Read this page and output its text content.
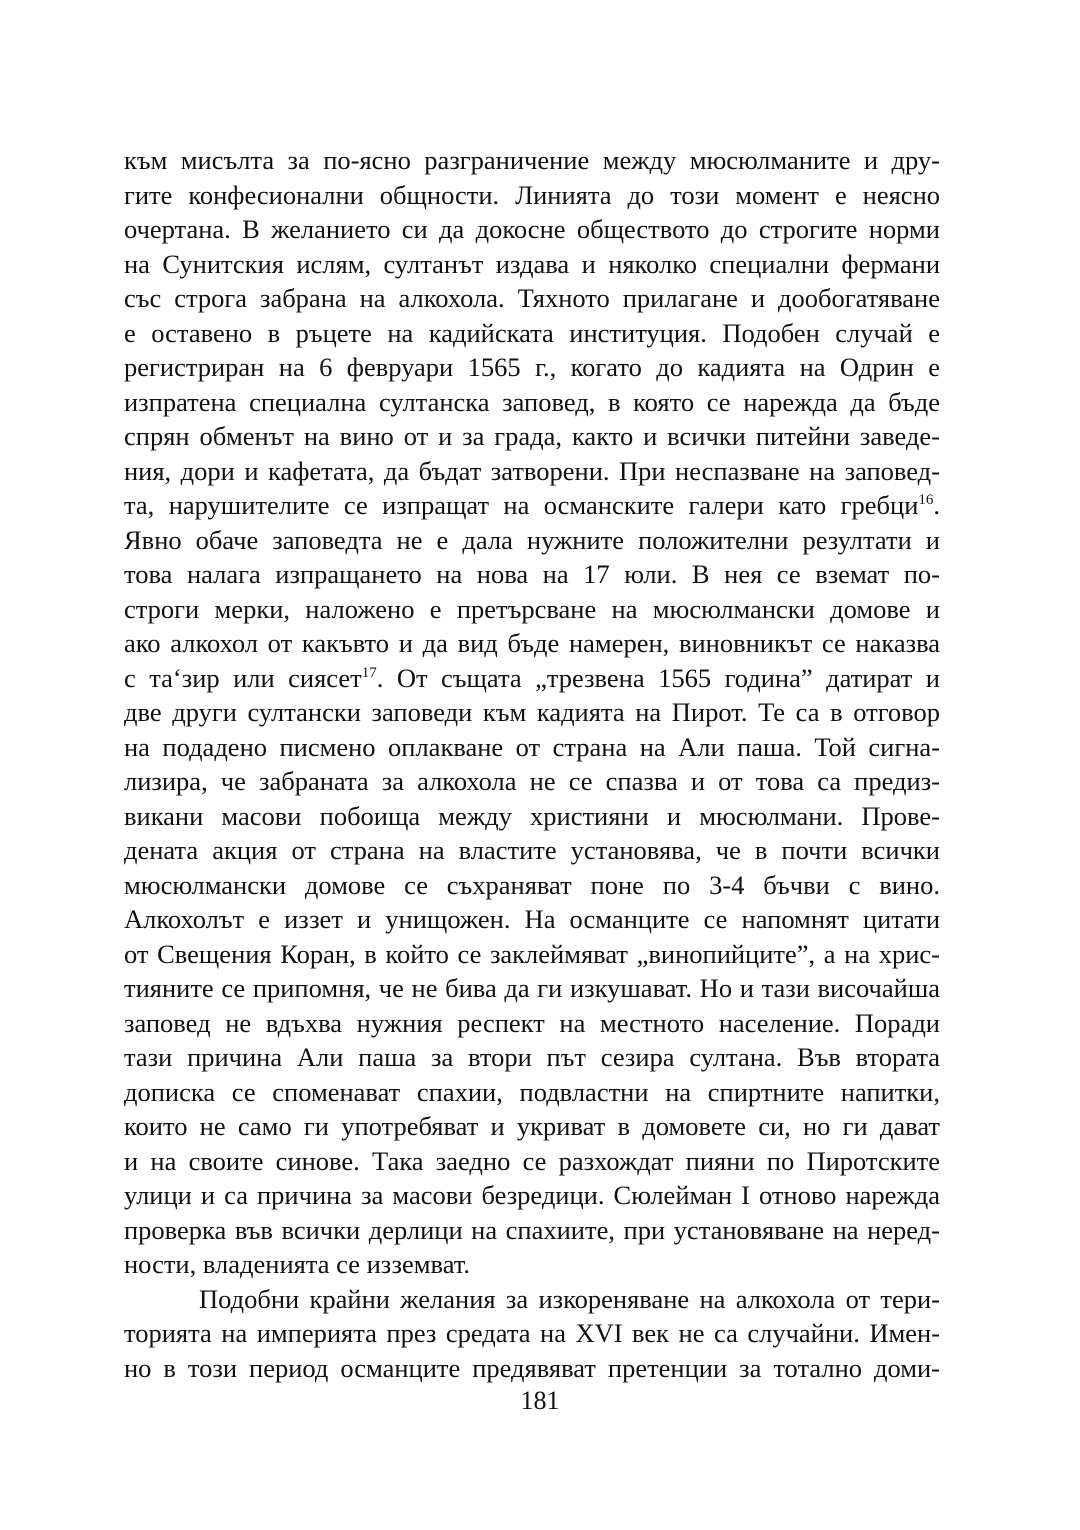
към мисълта за по-ясно разграничение между мюсюлманите и дру-
гите конфесионални общности. Линията до този момент е неясно
очертана. В желанието си да докосне обществото до строгите норми
на Сунитския ислям, султанът издава и няколко специални фермани
със строга забрана на алкохола. Тяхното прилагане и дообогатяване
е оставено в ръцете на кадийската институция. Подобен случай е
регистриран на 6 февруари 1565 г., когато до кадията на Одрин е
изпратена специална султанска заповед, в която се нарежда да бъде
спрян обменът на вино от и за града, както и всички питейни заведе-
ния, дори и кафетата, да бъдат затворени. При неспазване на заповед-
та, нарушителите се изпращат на османските галери като гребци$^{16}$.
Явно обаче заповедта не е дала нужните положителни резултати и
това налага изпращането на нова на 17 юли. В нея се вземат по-
строги мерки, наложено е претърсване на мюсюлмански домове и
ако алкохол от какъвто и да вид бъде намерен, виновникът се наказва
с та‘зир или сиясет$^{17}$. От същата „трезвена 1565 година” датират и
две други султански заповеди към кадията на Пирот. Те са в отговор
на подадено писмено оплакване от страна на Али паша. Той сигна-
лизира, че забраната за алкохола не се спазва и от това са предиз-
викани масови побоища между християни и мюсюлмани. Прове-
дената акция от страна на властите установява, че в почти всички
мюсюлмански домове се съхраняват поне по 3-4 бъчви с вино.
Алкохолът е иззет и унищожен. На османците се напомнят цитати
от Свещения Коран, в който се заклеймяват „винопийците”, а на хрис-
тияните се припомня, че не бива да ги изкушават. Но и тази височайша
заповед не вдъхва нужния респект на местното население. Поради
тази причина Али паша за втори път сезира султана. Във втората
дописка се споменават спахии, подвластни на спиртните напитки,
които не само ги употребяват и укриват в домовете си, но ги дават
и на своите синове. Така заедно се разхождат пияни по Пиротските
улици и са причина за масови безредици. Сюлейман I отново нарежда
проверка във всички дерлици на спахиите, при установяване на неред-
ности, владенията се изземват.
Подобни крайни желания за изкореняване на алкохола от тери-
торията на империята през средата на XVI век не са случайни. Имен-
но в този период османците предявяват претенции за тотално доми-
181
